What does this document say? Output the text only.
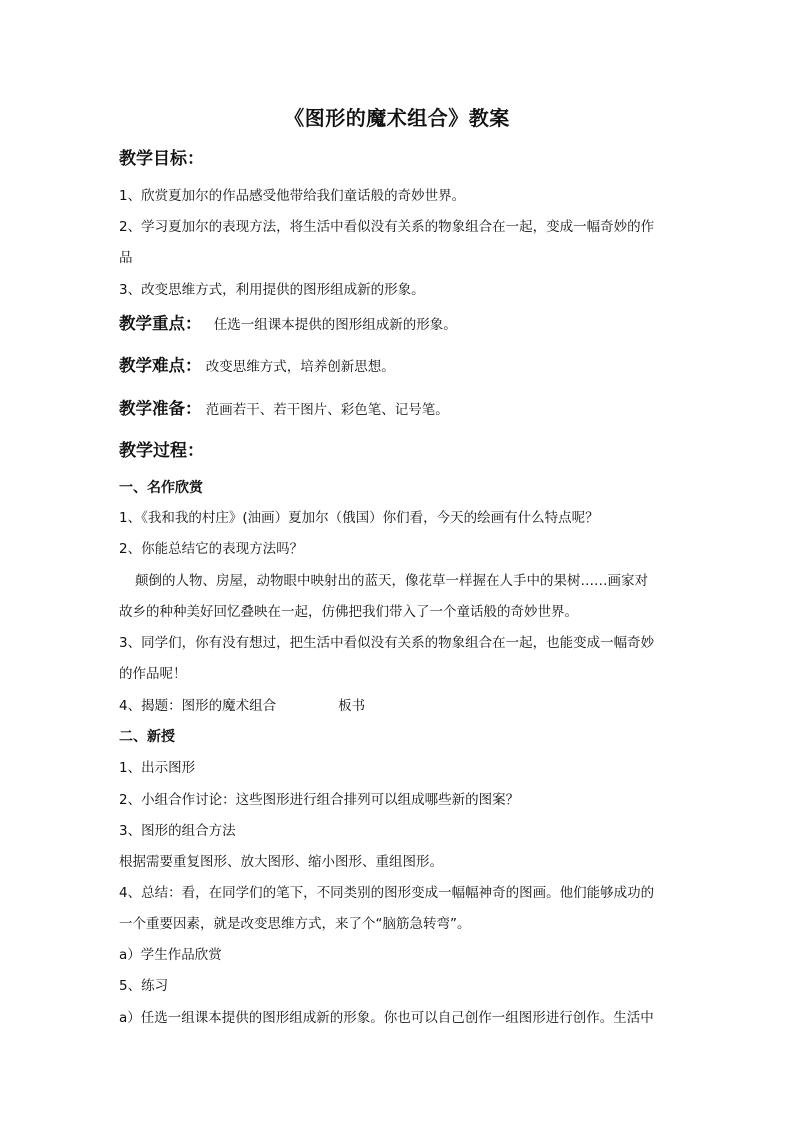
《图形的魔术组合》教案
教学目标：
1、欣赏夏加尔的作品感受他带给我们童话般的奇妙世界。
2、学习夏加尔的表现方法，将生活中看似没有关系的物象组合在一起，变成一幅奇妙的作
品
3、改变思维方式，利用提供的图形组成新的形象。
教学重点： 任选一组课本提供的图形组成新的形象。
教学难点： 改变思维方式，培养创新思想。
教学准备： 范画若干、若干图片、彩色笔、记号笔。
教学过程：
一、名作欣赏
1、《我和我的村庄》(油画）夏加尔（俄国）你们看，今天的绘画有什么特点呢？
2、你能总结它的表现方法吗？
颠倒的人物、房屋，动物眼中映射出的蓝天，像花草一样握在人手中的果树……画家对
故乡的种种美好回忆叠映在一起，仿佛把我们带入了一个童话般的奇妙世界。
3、同学们，你有没有想过，把生活中看似没有关系的物象组合在一起，也能变成一幅奇妙
的作品呢！
4、揭题：图形的魔术组合	板书
二、新授
1、出示图形
2、小组合作讨论：这些图形进行组合排列可以组成哪些新的图案？
3、图形的组合方法
根据需要重复图形、放大图形、缩小图形、重组图形。
4、总结：看，在同学们的笔下，不同类别的图形变成一幅幅神奇的图画。他们能够成功的
一个重要因素，就是改变思维方式，来了个“脑筋急转弯”。
a）学生作品欣赏
5、练习
a）任选一组课本提供的图形组成新的形象。你也可以自己创作一组图形进行创作。生活中
